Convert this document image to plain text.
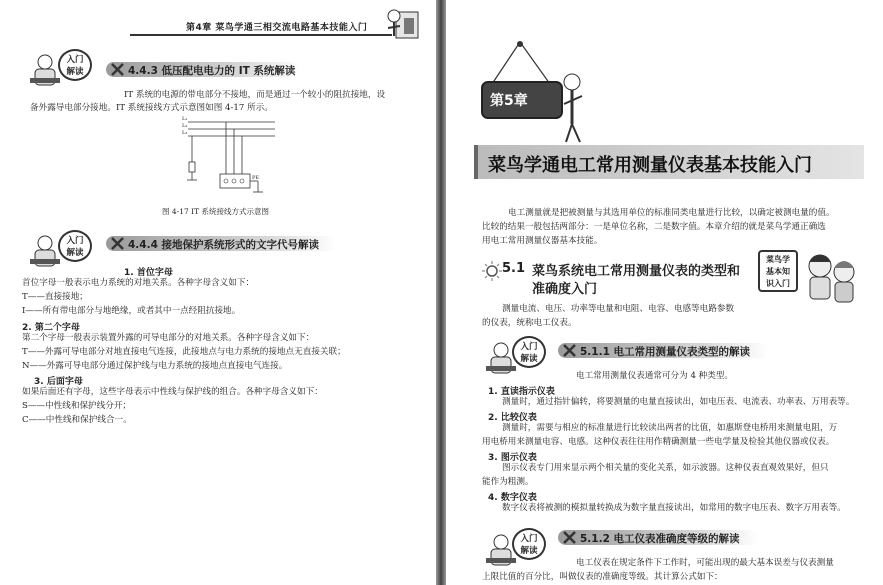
第4章 菜鸟学通三相交流电路基本技能入门
入门
解读	4.4.3 低压配电电力的 IT 系统解读
IT 系统的电源的带电部分不接地，而是通过一个较小的阻抗接地，设
备外露导电部分接地。IT 系统接线方式示意图如图 4-17 所示。
L₁
L₂
L₃
PE
图 4-17 IT 系统接线方式示意图
入门
解读
4.4.4 接地保护系统形式的文字代号解读
1. 首位字母
首位字母一般表示电力系统的对地关系。各种字母含义如下：
T——直接接地；
I——所有带电部分与地绝缘，或者其中一点经阻抗接地。
2. 第二个字母
第二个字母一般表示装置外露的可导电部分的对地关系。各种字母含义如下：
T——外露可导电部分对地直接电气连接，此接地点与电力系统的接地点无直接关联；
N——外露可导电部分通过保护线与电力系统的接地点直接电气连接。
3. 后面字母
如果后面还有字母，这些字母表示中性线与保护线的组合。各种字母含义如下：
S——中性线和保护线分开；
C——中性线和保护线合一。
第5章
菜鸟学通电工常用测量仪表基本技能入门
电工测量就是把被测量与其选用单位的标准同类电量进行比较，以确定被测电量的值。
比较的结果一般包括两部分：一是单位名称，二是数字值。本章介绍的就是菜鸟学通正确选
用电工常用测量仪器基本技能。
5.1 菜鸟系统电工常用测量仪表的类型和
准确度入门
菜鸟学
基本知
识入门
测量电流、电压、功率等电量和电阻、电容、电感等电路参数
的仪表，统称电工仪表。
入门
解读
5.1.1 电工常用测量仪表类型的解读
电工常用测量仪表通常可分为 4 种类型。
1. 直读指示仪表
测量时，通过指针偏转，将要测量的电量直接读出，如电压表、电流表、功率表、万用表等。
2. 比较仪表
测量时，需要与相应的标准量进行比较读出两者的比值，如惠斯登电桥用来测量电阻，万
用电桥用来测量电容、电感。这种仪表往往用作精确测量一些电学量及检验其他仪器或仪表。
3. 图示仪表
图示仪表专门用来显示两个相关量的变化关系，如示波器。这种仪表直观效果好，但只
能作为粗测。
4. 数字仪表
数字仪表将被测的模拟量转换成为数字量直接读出，如常用的数字电压表、数字万用表等。
入门
解读
5.1.2 电工仪表准确度等级的解读
电工仪表在规定条件下工作时，可能出现的最大基本误差与仪表测量
上限比值的百分比，叫做仪表的准确度等级。其计算公式如下：
